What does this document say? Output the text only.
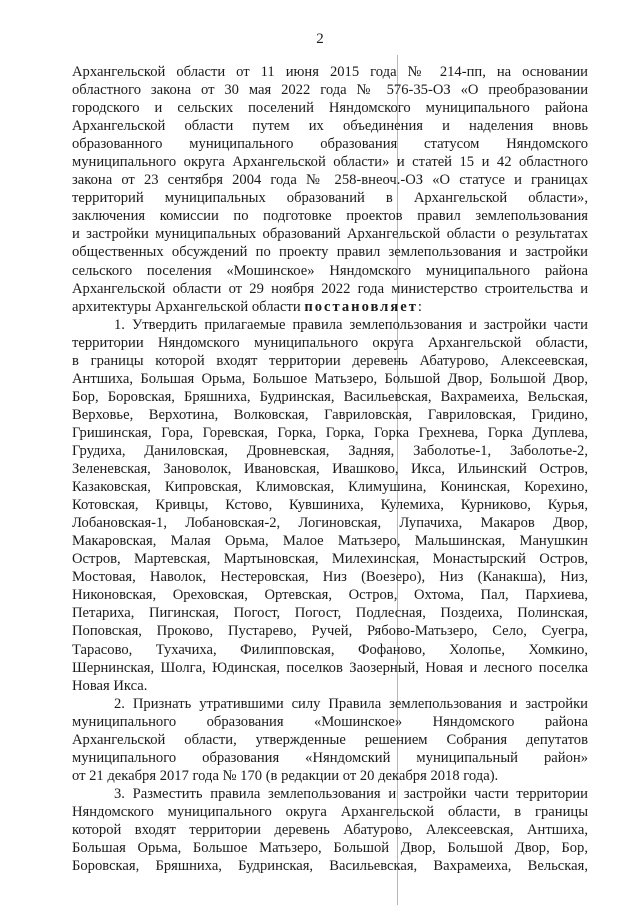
2
Архангельской области от 11 июня 2015 года № 214-пп, на основании
областного закона от 30 мая 2022 года № 576-35-ОЗ «О преобразовании
городского и сельских поселений Няндомского муниципального района
Архангельской области путем их объединения и наделения вновь
образованного муниципального образования статусом Няндомского
муниципального округа Архангельской области» и статей 15 и 42 областного
закона от 23 сентября 2004 года № 258-внеоч.-ОЗ «О статусе и границах
территорий муниципальных образований в Архангельской области»,
заключения комиссии по подготовке проектов правил землепользования
и застройки муниципальных образований Архангельской области о результатах
общественных обсуждений по проекту правил землепользования и застройки
сельского поселения «Мошинское» Няндомского муниципального района
Архангельской области от 29 ноября 2022 года министерство строительства и
архитектуры Архангельской области постановляет:
1. Утвердить прилагаемые правила землепользования и застройки части
территории Няндомского муниципального округа Архангельской области,
в границы которой входят территории деревень Абатурово, Алексеевская,
Антшиха, Большая Орьма, Большое Матьзеро, Большой Двор, Большой Двор,
Бор, Боровская, Бряшниха, Будринская, Васильевская, Вахрамеиха, Вельская,
Верховье, Верхотина, Волковская, Гавриловская, Гавриловская, Гридино,
Гришинская, Гора, Горевская, Горка, Горка, Горка Грехнева, Горка Дуплева,
Грудиха, Даниловская, Дровневская, Задняя, Заболотье-1, Заболотье-2,
Зеленевская, Зановолок, Ивановская, Ивашково, Икса, Ильинский Остров,
Казаковская, Кипровская, Климовская, Климушина, Конинская, Корехино,
Котовская, Кривцы, Кстово, Кувшиниха, Кулемиха, Курниково, Курья,
Лобановская-1, Лобановская-2, Логиновская, Лупачиха, Макаров Двор,
Макаровская, Малая Орьма, Малое Матьзеро, Мальшинская, Манушкин
Остров, Мартевская, Мартыновская, Милехинская, Монастырский Остров,
Мостовая, Наволок, Нестеровская, Низ (Воезеро), Низ (Канакша), Низ,
Никоновская, Ореховская, Ортевская, Остров, Охтома, Пал, Пархиева,
Петариха, Пигинская, Погост, Погост, Подлесная, Поздеиха, Полинская,
Поповская, Проково, Пустарево, Ручей, Рябово-Матьзеро, Село, Суегра,
Тарасово, Тухачиха, Филипповская, Фофаново, Холопье, Хомкино,
Шернинская, Шолга, Юдинская, поселков Заозерный, Новая и лесного поселка
Новая Икса.
2. Признать утратившими силу Правила землепользования и застройки
муниципального образования «Мошинское» Няндомского района
Архангельской области, утвержденные решением Собрания депутатов
муниципального образования «Няндомский муниципальный район»
от 21 декабря 2017 года № 170 (в редакции от 20 декабря 2018 года).
3. Разместить правила землепользования и застройки части территории
Няндомского муниципального округа Архангельской области, в границы
которой входят территории деревень Абатурово, Алексеевская, Антшиха,
Большая Орьма, Большое Матьзеро, Большой Двор, Большой Двор, Бор,
Боровская, Бряшниха, Будринская, Васильевская, Вахрамеиха, Вельская,
